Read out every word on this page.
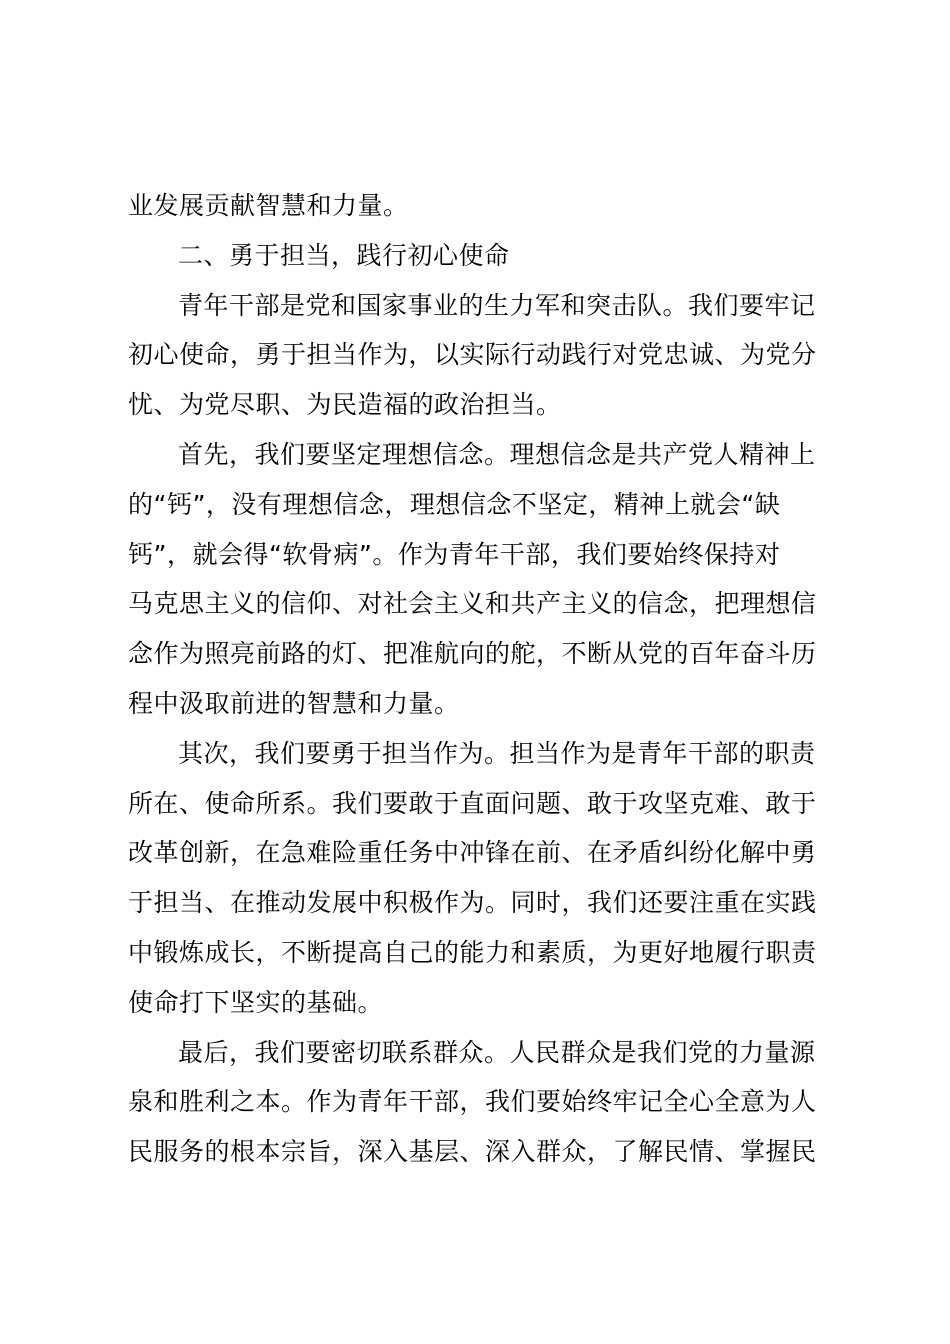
业发展贡献智慧和力量。
二、勇于担当，践行初心使命
青年干部是党和国家事业的生力军和突击队。我们要牢记
初心使命，勇于担当作为，以实际行动践行对党忠诚、为党分
忧、为党尽职、为民造福的政治担当。
首先，我们要坚定理想信念。理想信念是共产党人精神上
的“钙”，没有理想信念，理想信念不坚定，精神上就会“缺
钙”，就会得“软骨病”。作为青年干部，我们要始终保持对
马克思主义的信仰、对社会主义和共产主义的信念，把理想信
念作为照亮前路的灯、把准航向的舵，不断从党的百年奋斗历
程中汲取前进的智慧和力量。
其次，我们要勇于担当作为。担当作为是青年干部的职责
所在、使命所系。我们要敢于直面问题、敢于攻坚克难、敢于
改革创新，在急难险重任务中冲锋在前、在矛盾纠纷化解中勇
于担当、在推动发展中积极作为。同时，我们还要注重在实践
中锻炼成长，不断提高自己的能力和素质，为更好地履行职责
使命打下坚实的基础。
最后，我们要密切联系群众。人民群众是我们党的力量源
泉和胜利之本。作为青年干部，我们要始终牢记全心全意为人
民服务的根本宗旨，深入基层、深入群众，了解民情、掌握民
